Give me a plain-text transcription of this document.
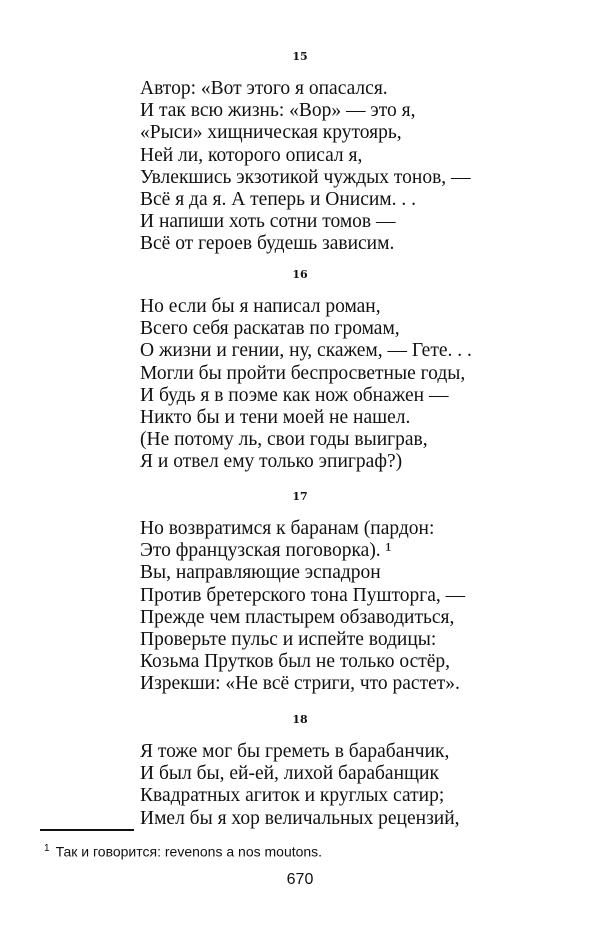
15
Автор: «Вот этого я опасался.
И так всю жизнь: «Вор» — это я,
«Рыси» хищническая крутоярь,
Ней ли, которого описал я,
Увлекшись экзотикой чуждых тонов, —
Всё я да я. А теперь и Онисим. . .
И напиши хоть сотни томов —
Всё от героев будешь зависим.
16
Но если бы я написал роман,
Всего себя раскатав по громам,
О жизни и гении, ну, скажем, — Гете. . .
Могли бы пройти беспросветные годы,
И будь я в поэме как нож обнажен —
Никто бы и тени моей не нашел.
(Не потому ль, свои годы выиграв,
Я и отвел ему только эпиграф?)
17
Но возвратимся к баранам (пардон:
Это французская поговорка). ¹
Вы, направляющие эспадрон
Против бретерского тона Пушторга, —
Прежде чем пластырем обзаводиться,
Проверьте пульс и испейте водицы:
Козьма Прутков был не только остёр,
Изрекши: «Не всё стриги, что растет».
18
Я тоже мог бы греметь в барабанчик,
И был бы, ей-ей, лихой барабанщик
Квадратных агиток и круглых сатир;
Имел бы я хор величальных рецензий,
$^1$ Так и говорится: revenons a nos moutons.
670
